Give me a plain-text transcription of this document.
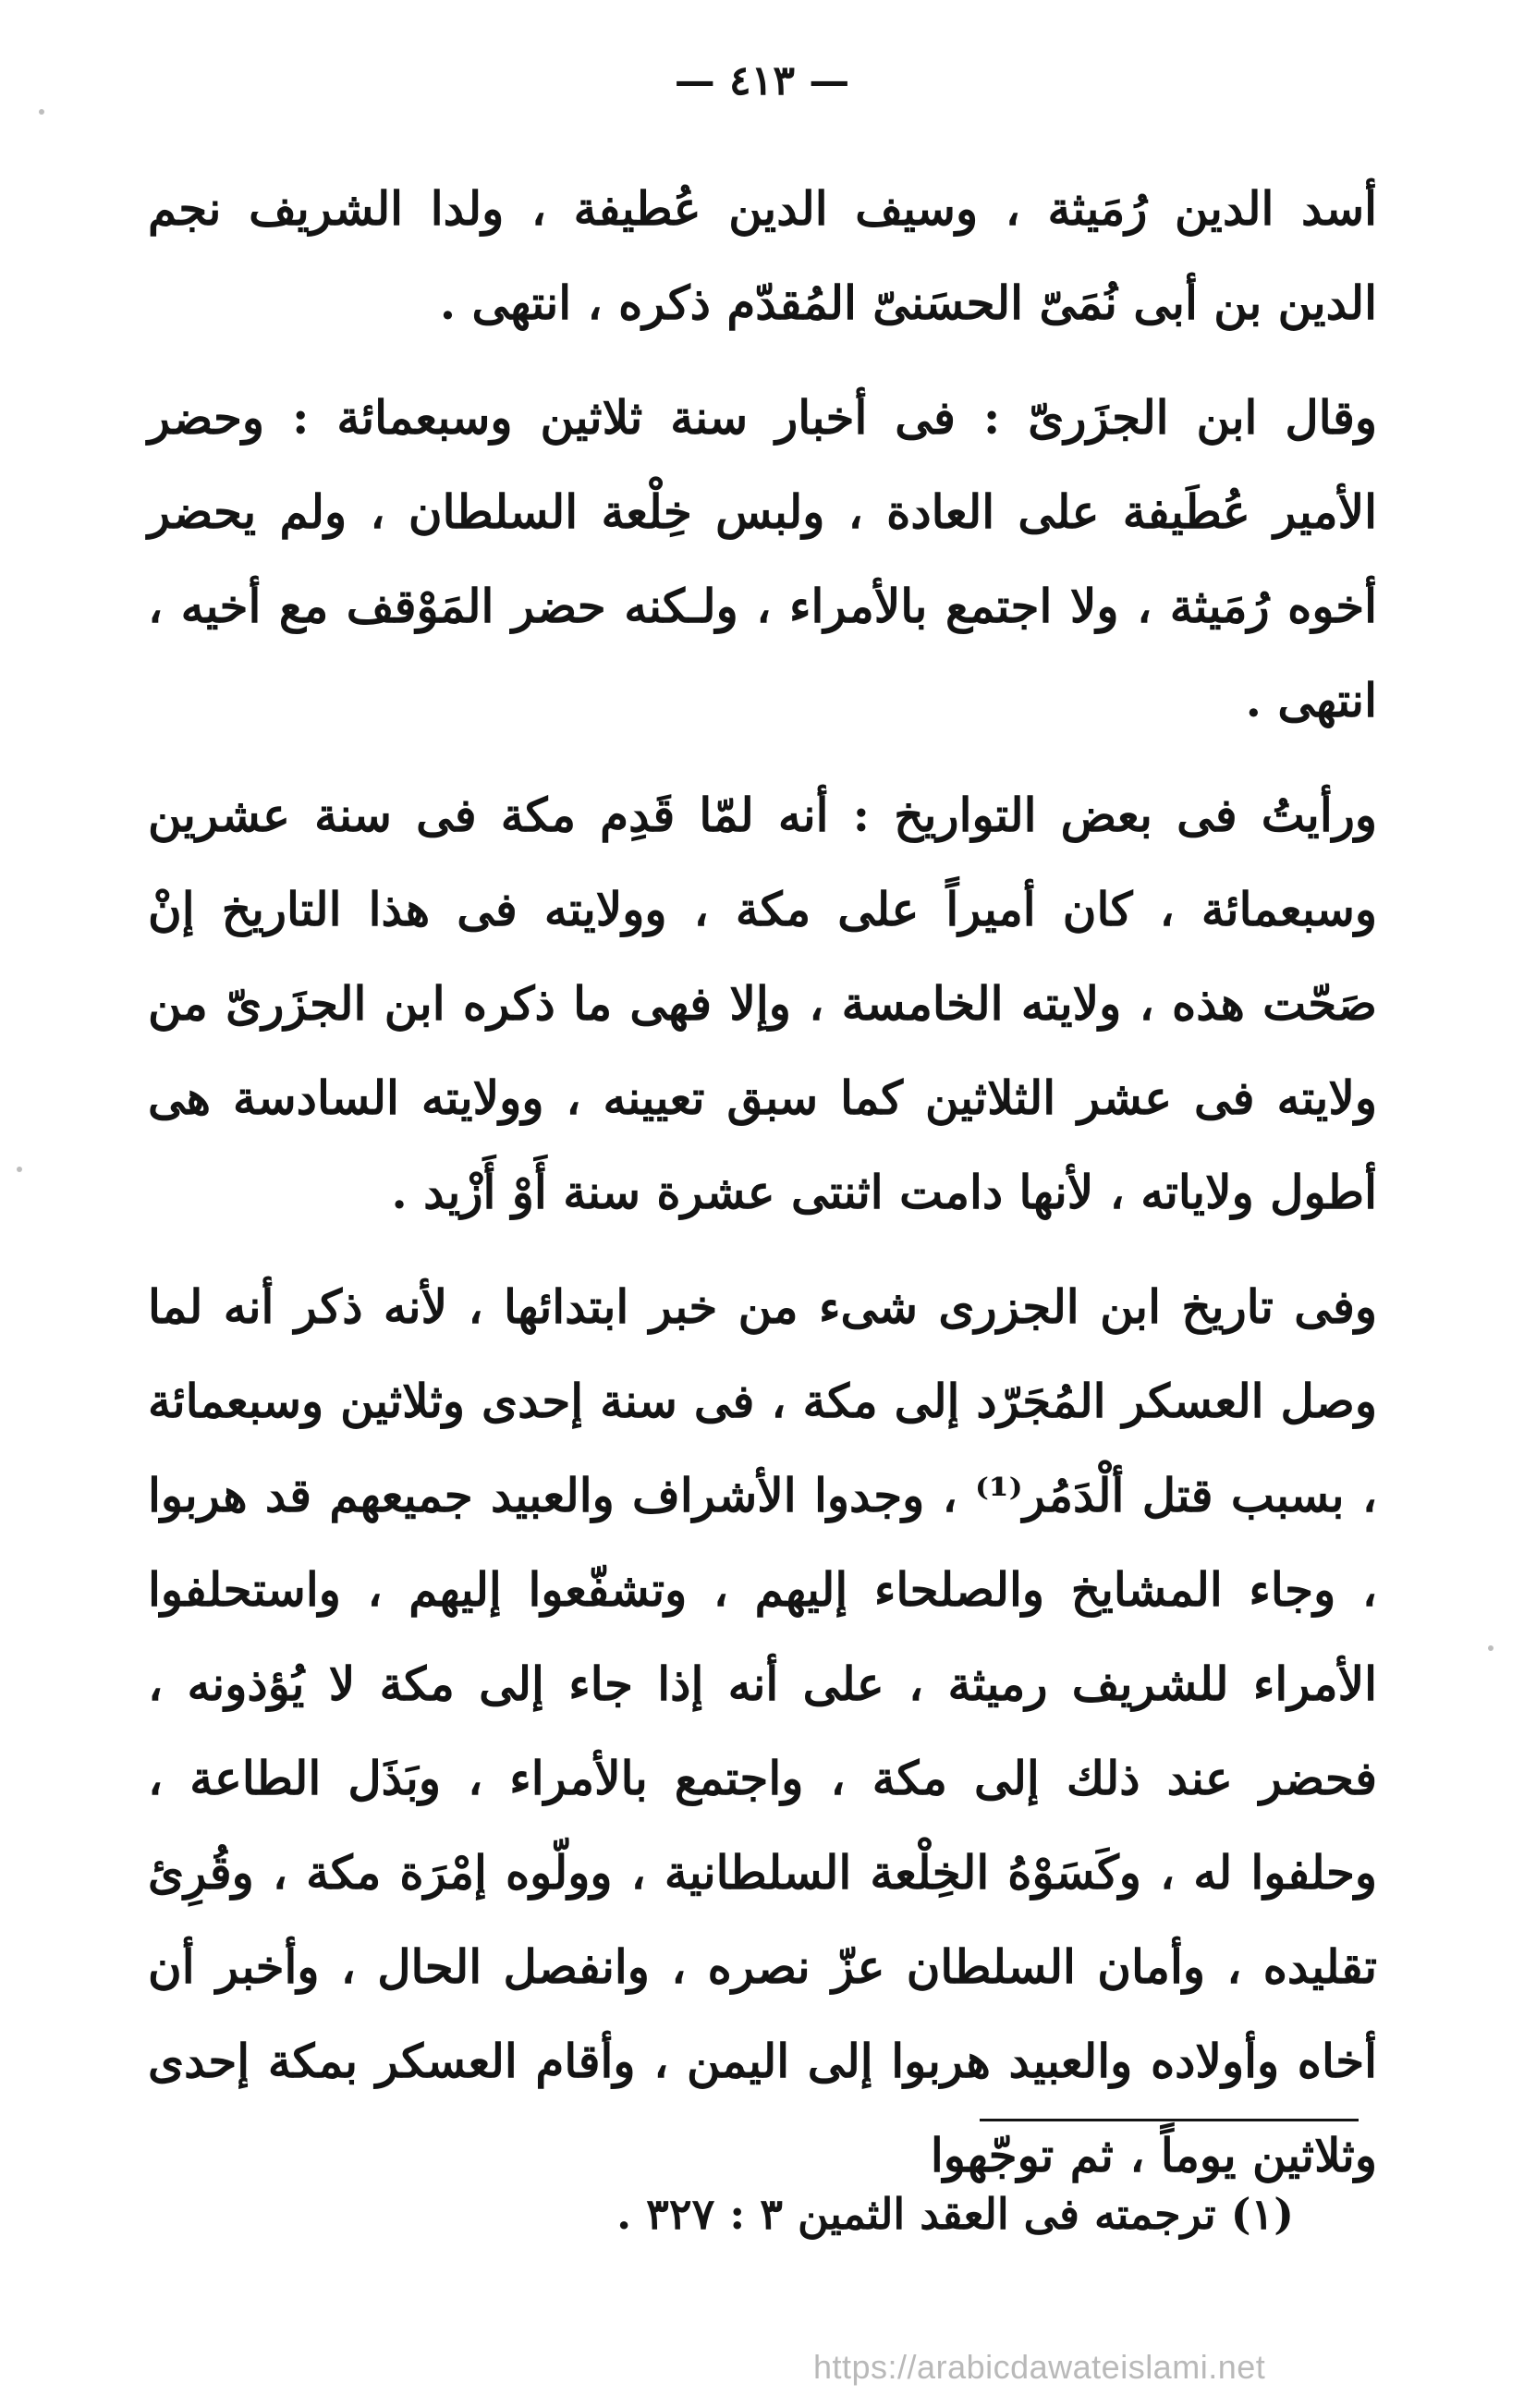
— ٤١٣ —

أسد الدين رُمَيثة ، وسيف الدين عُطيفة ، ولدا الشريف نجم الدين بن أبى نُمَىّ الحسَنىّ المُقدّم ذكره ، انتهى .

وقال ابن الجزَرىّ : فى أخبار سنة ثلاثين وسبعمائة : وحضر الأمير عُطَيفة على العادة ، ولبس خِلْعة السلطان ، ولم يحضر أخوه رُمَيثة ، ولا اجتمع بالأمراء ، ولـكنه حضر المَوْقف مع أخيه ، انتهى .

ورأيتُ فى بعض التواريخ : أنه لمّا قَدِم مكة فى سنة عشرين وسبعمائة ، كان أميراً على مكة ، وولايته فى هذا التاريخ إنْ صَحّت هذه ، ولايته الخامسة ، وإلا فهى ما ذكره ابن الجزَرىّ من ولايته فى عشر الثلاثين كما سبق تعيينه ، وولايته السادسة هى أطول ولاياته ، لأنها دامت اثنتى عشرة سنة أَوْ أَزْيد .

وفى تاريخ ابن الجزرى شىء من خبر ابتدائها ، لأنه ذكر أنه لما وصل العسكر المُجَرّد إلى مكة ، فى سنة إحدى وثلاثين وسبعمائة ، بسبب قتل ألْدَمُر⁽¹⁾ ، وجدوا الأشراف والعبيد جميعهم قد هربوا ، وجاء المشايخ والصلحاء إليهم ، وتشفّعوا إليهم ، واستحلفوا الأمراء للشريف رميثة ، على أنه إذا جاء إلى مكة لا يُؤذونه ، فحضر عند ذلك إلى مكة ، واجتمع بالأمراء ، وبَذَل الطاعة ، وحلفوا له ، وكَسَوْهُ الخِلْعة السلطانية ، وولّوه إمْرَة مكة ، وقُرِئ تقليده ، وأمان السلطان عزّ نصره ، وانفصل الحال ، وأخبر أن أخاه وأولاده والعبيد هربوا إلى اليمن ، وأقام العسكر بمكة إحدى وثلاثين يوماً ، ثم توجّهوا

(١) ترجمته فى العقد الثمين ٣ : ٣٢٧ .
https://arabicdawateislami.net
